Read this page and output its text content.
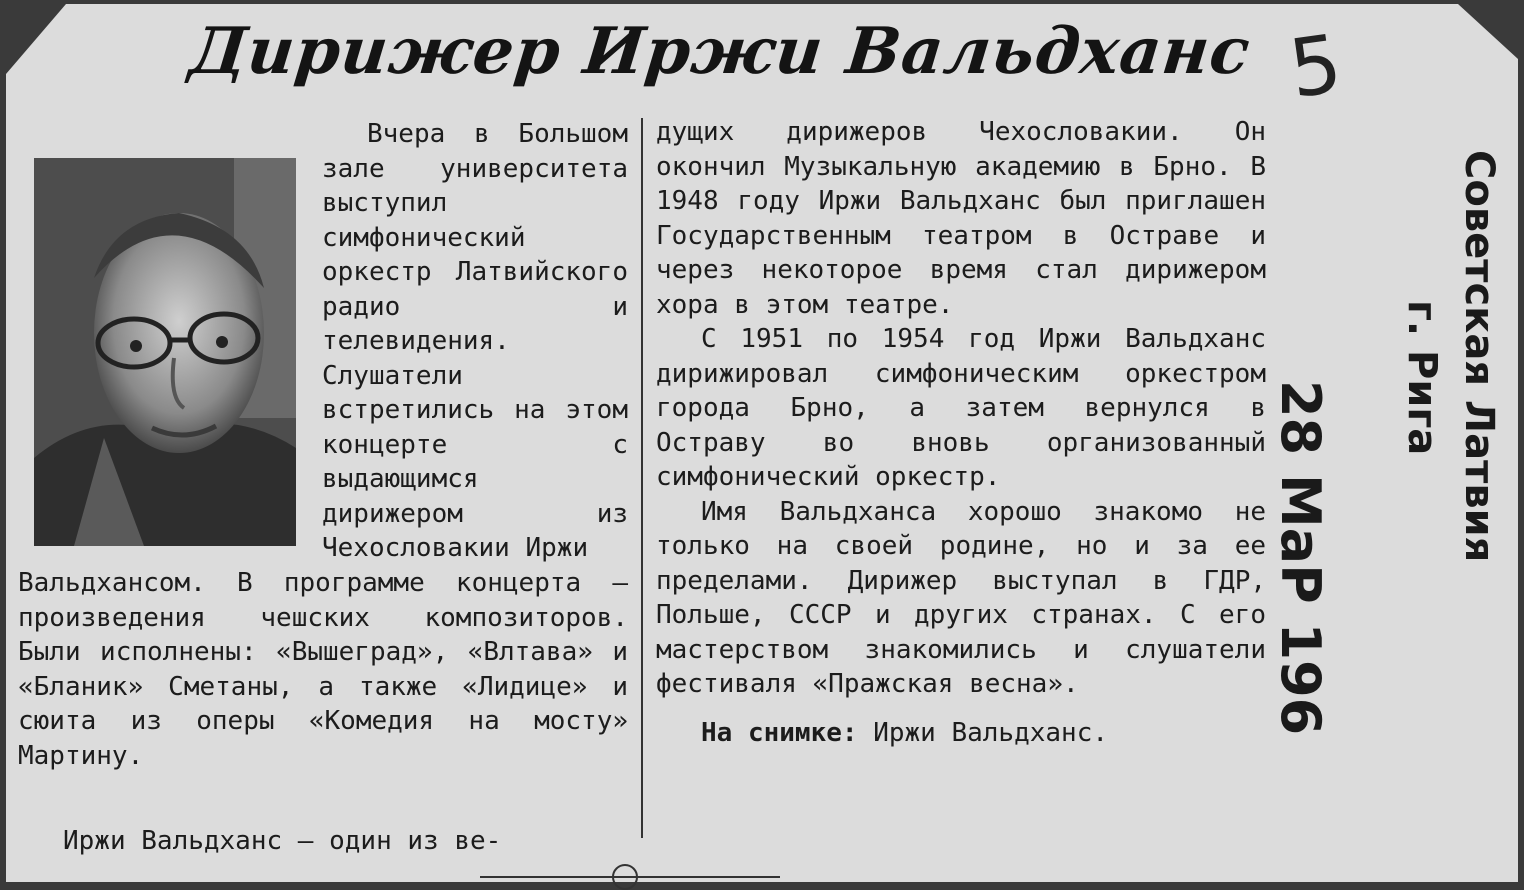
Дирижер Иржи Вальдханс 5

Вчера в Большом зале университета выступил симфонический оркестр Латвийского радио и телевидения. Слушатели встретились на этом концерте с выдающимся дирижером из Чехословакии Иржи

Вальдхансом. В программе концерта — произведения чешских композиторов. Были исполнены: «Вышеград», «Влтава» и «Бланик» Сметаны, а также «Лидице» и сюита из оперы «Комедия на мосту» Мартину.

Иржи Вальдханс — один из ве-

дущих дирижеров Чехословакии. Он окончил Музыкальную академию в Брно. В 1948 году Иржи Вальдханс был приглашен Государственным театром в Остраве и через некоторое время стал дирижером хора в этом театре.

С 1951 по 1954 год Иржи Вальдханс дирижировал симфоническим оркестром города Брно, а затем вернулся в Остраву во вновь организованный симфонический оркестр.

Имя Вальдханса хорошо знакомо не только на своей родине, но и за ее пределами. Дирижер выступал в ГДР, Польше, СССР и других странах. С его мастерством знакомились и слушатели фестиваля «Пражская весна».

На снимке: Иржи Вальдханс.	28 МаР 196	Советская Латвия
г. Рига
